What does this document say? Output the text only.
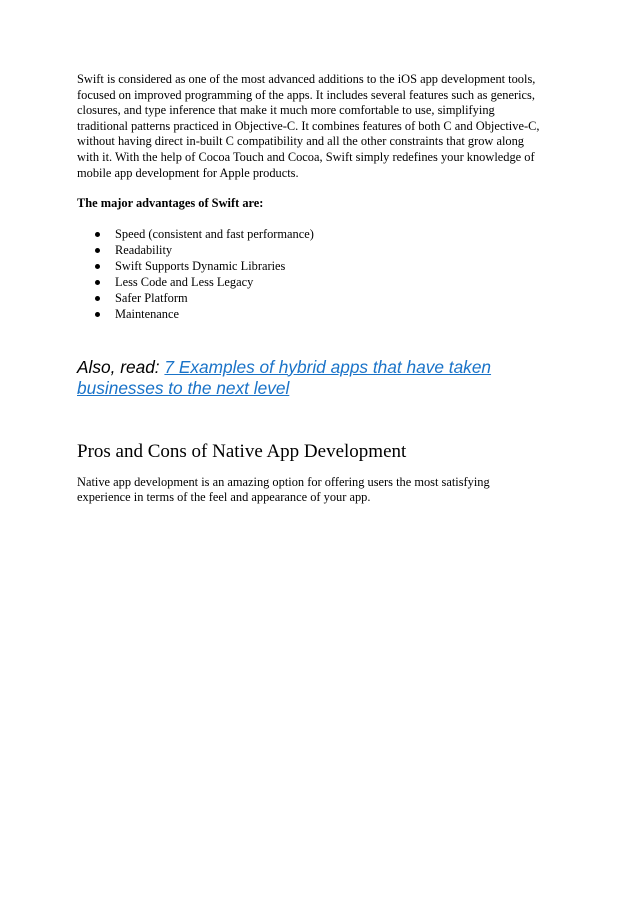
Swift is considered as one of the most advanced additions to the iOS app development tools,
focused on improved programming of the apps. It includes several features such as generics,
closures, and type inference that make it much more comfortable to use, simplifying
traditional patterns practiced in Objective-C. It combines features of both C and Objective-C,
without having direct in-built C compatibility and all the other constraints that grow along
with it. With the help of Cocoa Touch and Cocoa, Swift simply redefines your knowledge of
mobile app development for Apple products.

The major advantages of Swift are:

Speed (consistent and fast performance)
Readability
Swift Supports Dynamic Libraries
Less Code and Less Legacy
Safer Platform
Maintenance

Also, read: 7 Examples of hybrid apps that have taken
businesses to the next level

Pros and Cons of Native App Development

Native app development is an amazing option for offering users the most satisfying
experience in terms of the feel and appearance of your app.
